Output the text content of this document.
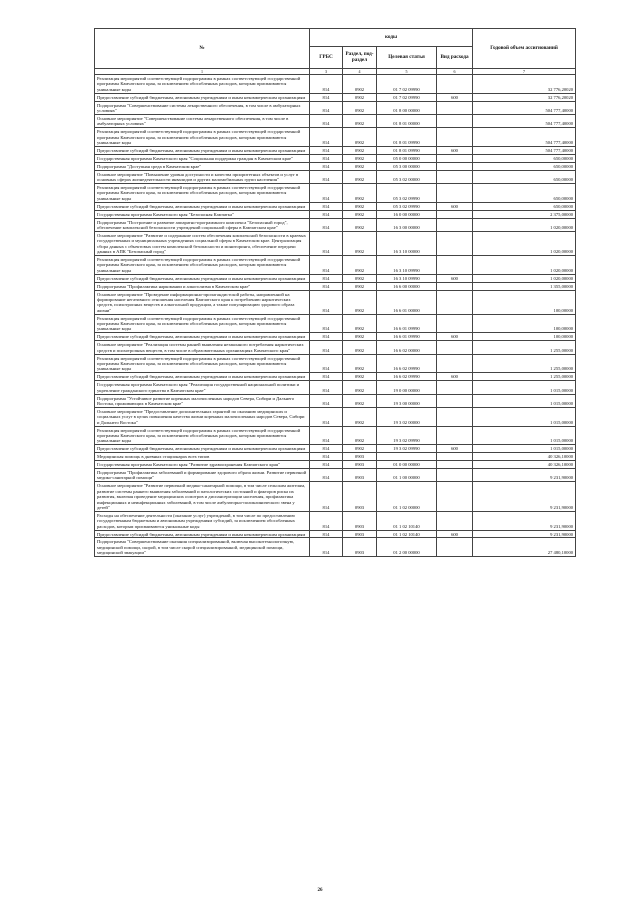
№	коды				Годовой объем ассигнований
	ГРБС	Раздел, под-раздел	Целевая статья	Вид расхода	
1	3	4	5	6	7
Реализация мероприятий соответствующей подпрограммы в рамках соответствующей государственной программы Камчатского края, за исключением обособленных расходов, которым присваиваются уникальные коды	814	0902	01 7 02 09990		32 776,20020
Предоставление субсидий бюджетным, автономным учреждениям и иным некоммерческим организациям	814	0902	01 7 02 09990	600	32 776,20020
Подпрограмма "Совершенствование системы лекарственного обеспечения, в том числе в амбулаторных условиях"	814	0902	01 8 00 00000		504 777,40000
Основное мероприятие "Совершенствование системы лекарственного обеспечения, в том числе в амбулаторных условиях"	814	0902	01 8 01 00000		504 777,40000
Реализация мероприятий соответствующей подпрограммы в рамках соответствующей государственной программы Камчатского края, за исключением обособленных расходов, которым присваиваются уникальные коды	814	0902	01 8 01 09990		504 777,40000
Предоставление субсидий бюджетным, автономным учреждениям и иным некоммерческим организациям	814	0902	01 8 01 09990	600	504 777,40000
Государственная программа Камчатского края "Социальная поддержка граждан в Камчатском крае"	814	0902	05 0 00 00000		650,00000
Подпрограмма "Доступная среда в Камчатском крае"	814	0902	05 3 00 00000		650,00000
Основное мероприятие "Повышение уровня доступности и качества приоритетных объектов и услуг в основных сферах жизнедеятельности инвалидов и других маломобильных групп населения"	814	0902	05 3 02 00000		650,00000
Реализация мероприятий соответствующей подпрограммы в рамках соответствующей государственной программы Камчатского края, за исключением обособленных расходов, которым присваиваются уникальные коды	814	0902	05 3 02 09990		650,00000
Предоставление субсидий бюджетным, автономным учреждениям и иным некоммерческим организациям	814	0902	05 3 02 09990	600	650,00000
Государственная программа Камчатского края "Безопасная Камчатка"	814	0902	16 0 00 00000		2 375,00000
Подпрограмма "Построение и развитие аппаратно-программного комплекса "Безопасный город", обеспечение комплексной безопасности учреждений социальной сферы в Камчатском крае"	814	0902	16 3 00 00000		1 020,00000
Основное мероприятие "Развитие и содержание систем обеспечения комплексной безопасности в краевых государственных и муниципальных учреждениях социальной сферы в Камчатском крае. Централизация сбора данных с объектовых систем комплексной безопасности и мониторинга, обеспечение передачи данных в АПК "Безопасный город"	814	0902	16 3 10 00000		1 020,00000
Реализация мероприятий соответствующей подпрограммы в рамках соответствующей государственной программы Камчатского края, за исключением обособленных расходов, которым присваиваются уникальные коды	814	0902	16 3 10 09990		1 020,00000
Предоставление субсидий бюджетным, автономным учреждениям и иным некоммерческим организациям	814	0902	16 3 10 09990	600	1 020,00000
Подпрограмма "Профилактика наркомании и алкоголизма в Камчатском крае"	814	0902	16 6 00 00000		1 355,00000
Основное мероприятие "Проведение информационно-пропагандистской работы, направленной на формирование негативного отношения населения Камчатского края к потреблению наркотических средств, психотропных веществ и алкогольной продукции, а также популяризацию здорового образа жизни"	814	0902	16 6 01 00000		100,00000
Реализация мероприятий соответствующей подпрограммы в рамках соответствующей государственной программы Камчатского края, за исключением обособленных расходов, которым присваиваются уникальные коды	814	0902	16 6 01 09990		100,00000
Предоставление субсидий бюджетным, автономным учреждениям и иным некоммерческим организациям	814	0902	16 6 01 09990	600	100,00000
Основное мероприятие "Реализация системы ранней выявления незаконного потребления наркотических средств и психотропных веществ, в том числе в образовательных организациях Камчатского края"	814	0902	16 6 02 00000		1 255,00000
Реализация мероприятий соответствующей подпрограммы в рамках соответствующей государственной программы Камчатского края, за исключением обособленных расходов, которым присваиваются уникальные коды	814	0902	16 6 02 09990		1 255,00000
Предоставление субсидий бюджетным, автономным учреждениям и иным некоммерческим организациям	814	0902	16 6 02 09990	600	1 255,00000
Государственная программа Камчатского края "Реализация государственной национальной политики и укрепление гражданского единства в Камчатском крае"	814	0902	19 0 00 00000		1 015,00000
Подпрограмма "Устойчивое развитие коренных малочисленных народов Севера, Сибири и Дальнего Востока, проживающих в Камчатском крае"	814	0902	19 3 00 00000		1 015,00000
Основное мероприятие "Предоставление дополнительных гарантий по оказанию медицинских и социальных услуг в целях повышения качества жизни коренных малочисленных народов Севера, Сибири и Дальнего Востока"	814	0902	19 3 02 00000		1 015,00000
Реализация мероприятий соответствующей подпрограммы в рамках соответствующей государственной программы Камчатского края, за исключением обособленных расходов, которым присваиваются уникальные коды	814	0902	19 3 02 09990		1 015,00000
Предоставление субсидий бюджетным, автономным учреждениям и иным некоммерческим организациям	814	0902	19 3 02 09990	600	1 015,00000
Медицинская помощь в дневных стационарах всех типов	814	0903			40 326,10000
Государственная программа Камчатского края "Развитие здравоохранения Камчатского края"	814	0903	01 0 00 00000		40 326,10000
Подпрограмма "Профилактика заболеваний и формирование здорового образа жизни. Развитие первичной медико-санитарной помощи"	814	0903	01 1 00 00000		9 231,90000
Основное мероприятие "Развитие первичной медико-санитарной помощи, в том числе сельским жителям, развитие системы раннего выявления заболеваний и патологических состояний и факторов риска их развития, включая проведение медицинских осмотров и диспансеризации населения, профилактика инфекционных и неинфекционных заболеваний, в том числе амбулаторно-поликлинического звена у детей"	814	0903	01 1 02 00000		9 231,90000
Расходы на обеспечение деятельности (оказание услуг) учреждений, в том числе по предоставлению государственным бюджетным и автономным учреждениям субсидий, за исключением обособленных расходов, которым присваиваются уникальные коды	814	0903	01 1 02 10140		9 231,90000
Предоставление субсидий бюджетным, автономным учреждениям и иным некоммерческим организациям	814	0903	01 1 02 10140	600	9 231,90000
Подпрограмма "Совершенствование оказания специализированной, включая высокотехнологичную, медицинской помощи, скорой, в том числе скорой специализированной, медицинской помощи, медицинской эвакуации"	814	0903	01 2 00 00000		27 480,10000
26
